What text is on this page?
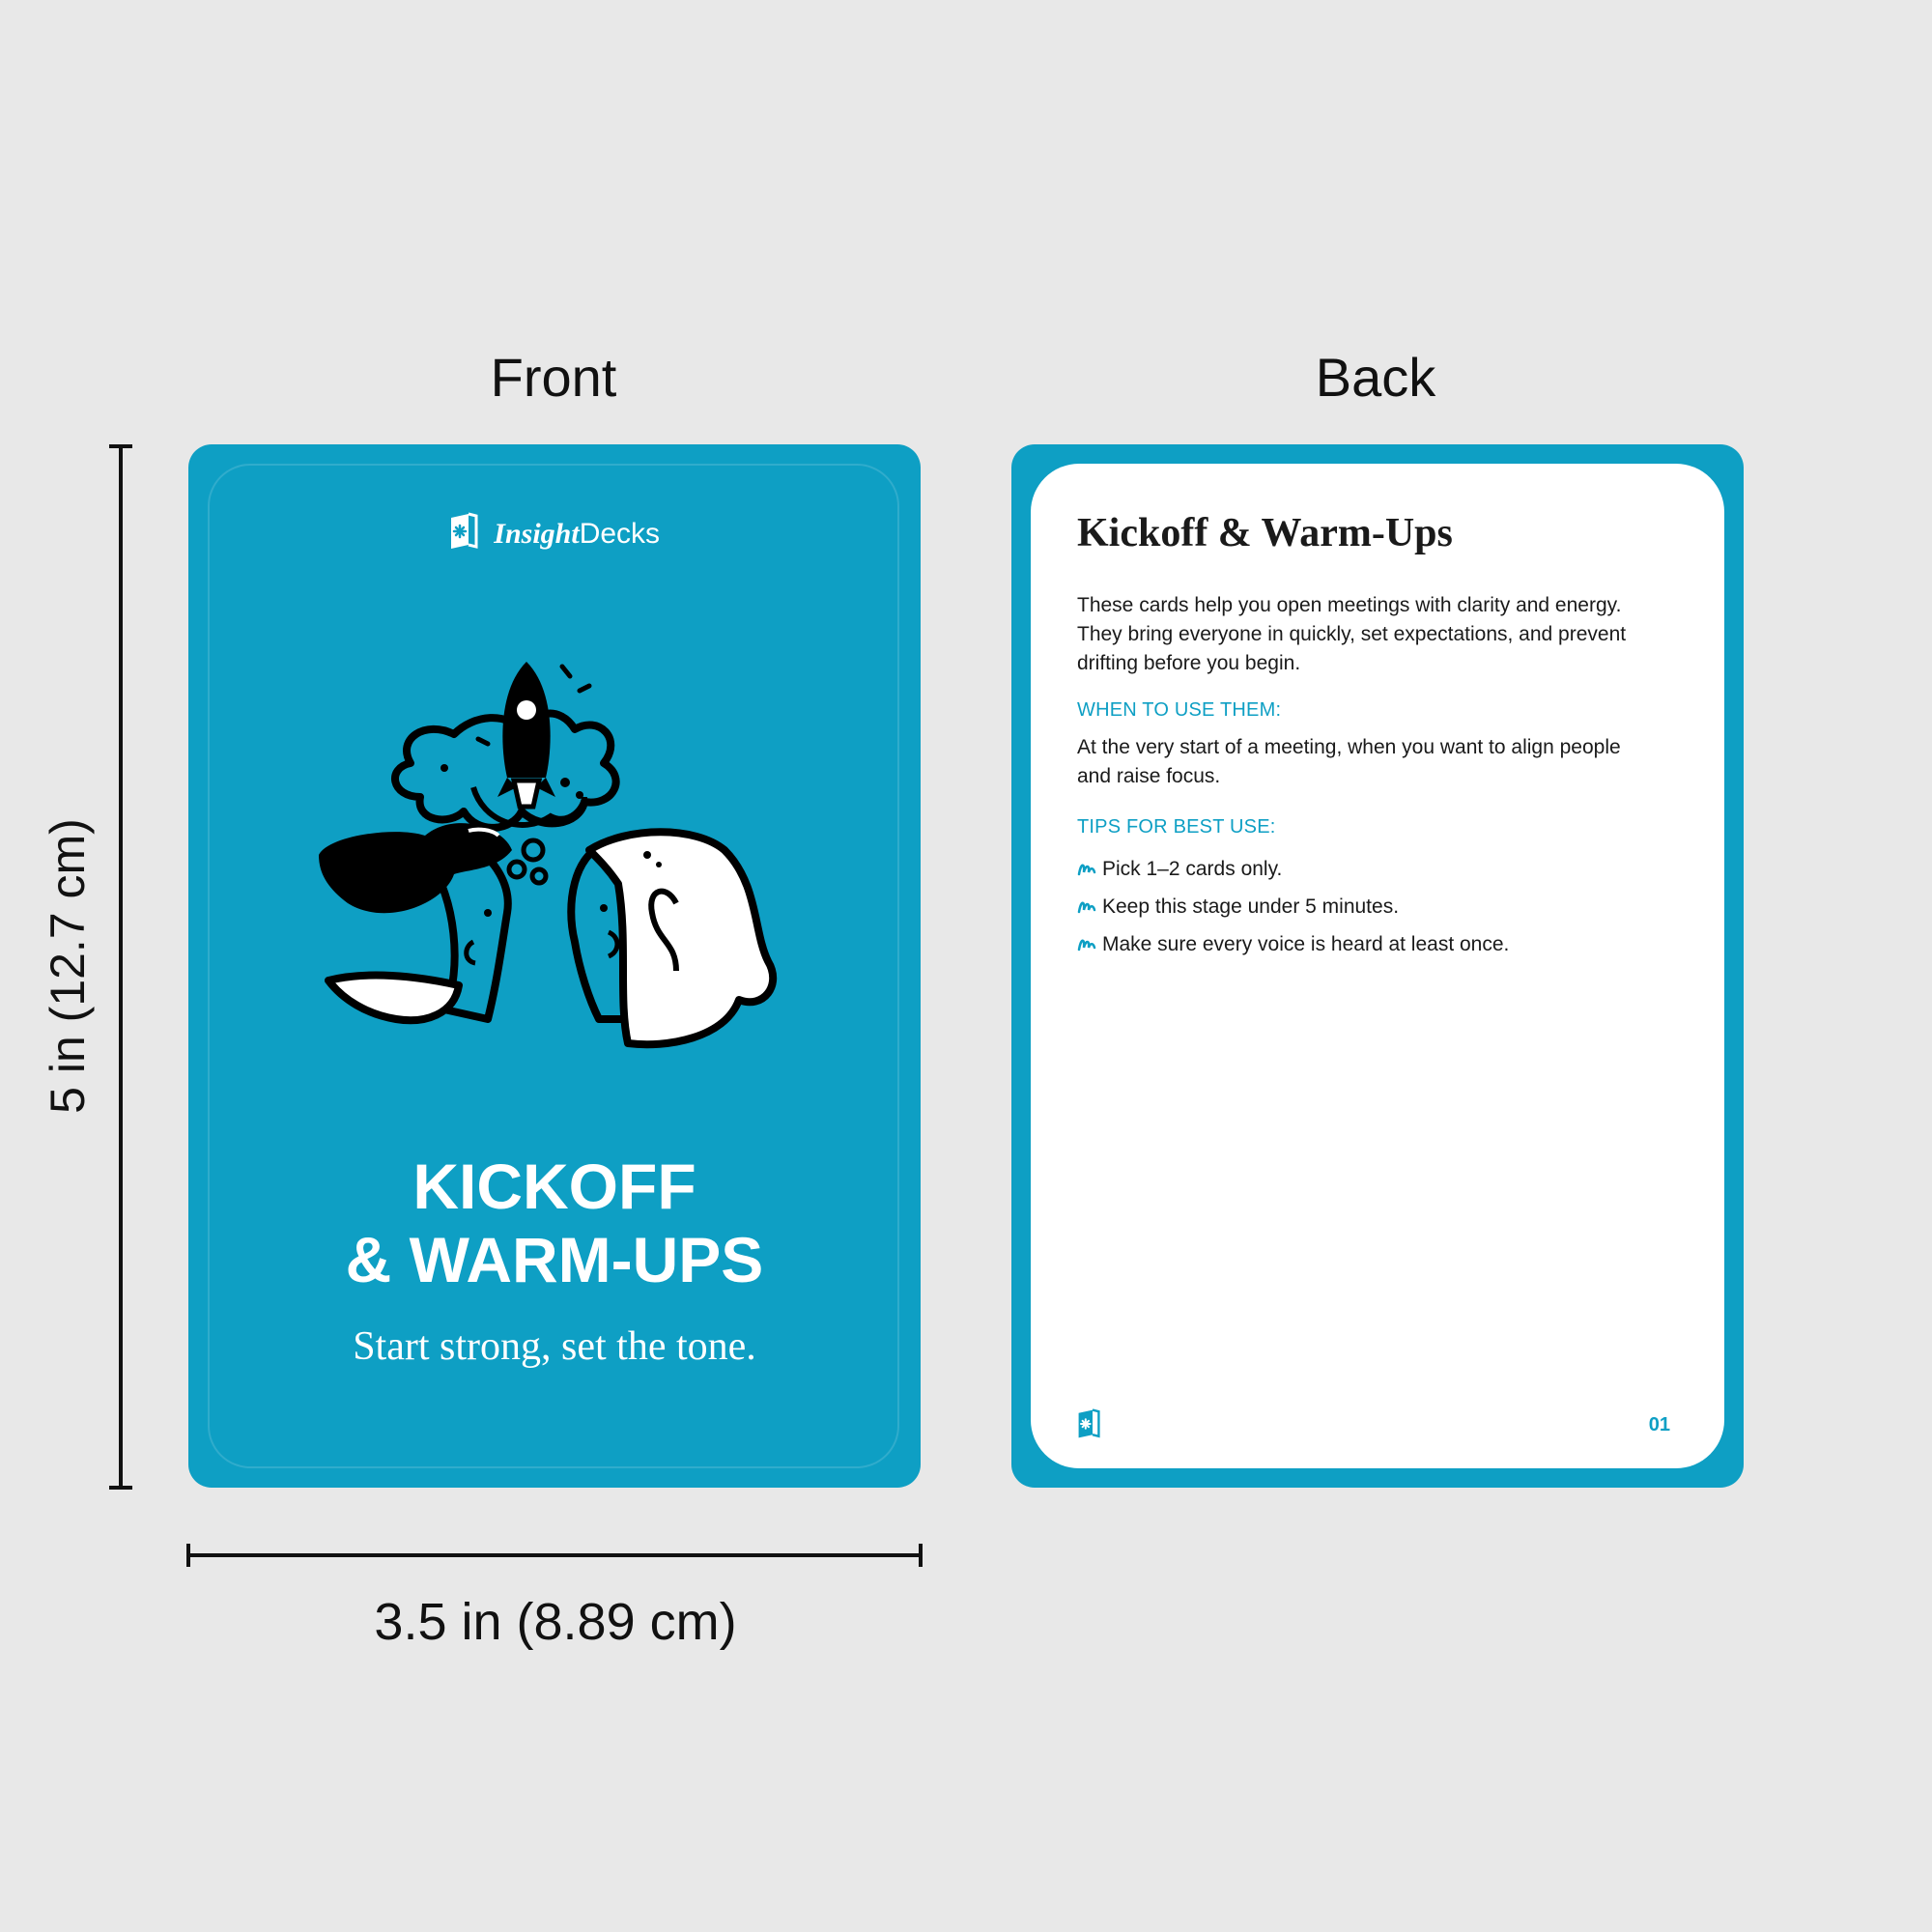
Front	Back
5 in (12.7 cm)
InsightDecks
KICKOFF
& WARM-UPS
Start strong, set the tone.
Kickoff & Warm-Ups

These cards help you open meetings with clarity and energy. They bring everyone in quickly, set expectations, and prevent drifting before you begin.

WHEN TO USE THEM:

At the very start of a meeting, when you want to align people and raise focus.

TIPS FOR BEST USE:
Pick 1–2 cards only.
Keep this stage under 5 minutes.
Make sure every voice is heard at least once.
01
3.5 in (8.89 cm)
